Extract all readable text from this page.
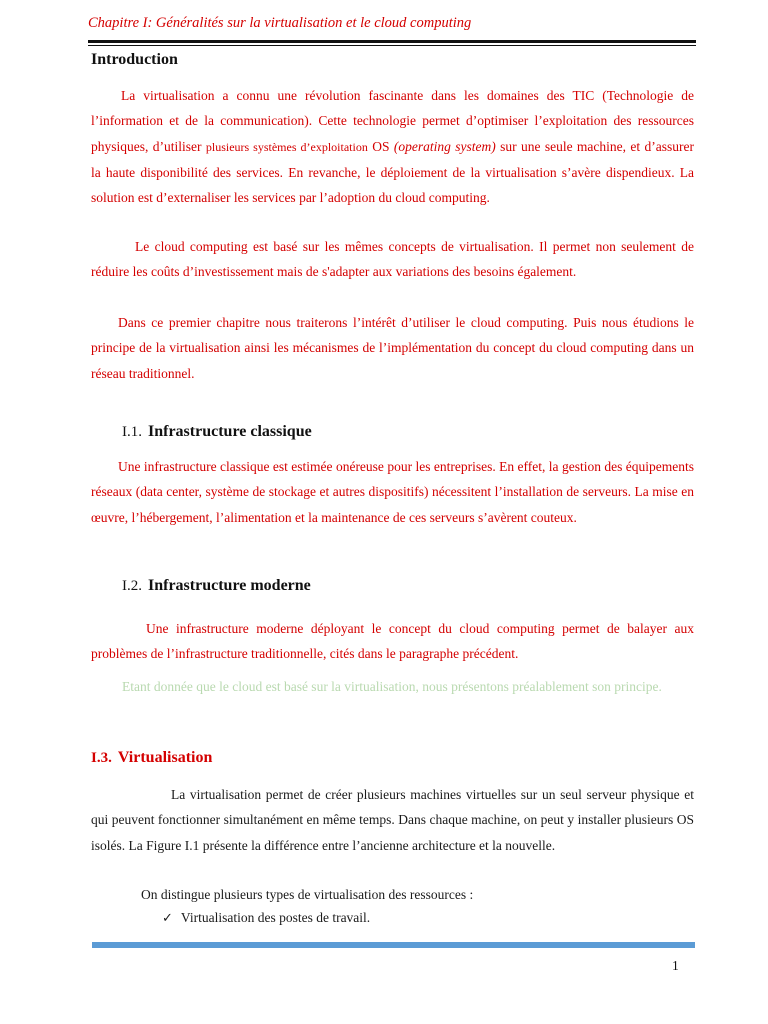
Chapitre I: Généralités sur la virtualisation et le cloud computing
Introduction
La virtualisation a connu une révolution fascinante dans les domaines des TIC (Technologie de l’information et de la communication). Cette technologie permet d’optimiser l’exploitation des ressources physiques, d’utiliser plusieurs systèmes d’exploitation OS (operating system) sur une seule machine, et d’assurer la haute disponibilité des services. En revanche, le déploiement de la virtualisation s’avère dispendieux. La solution est d’externaliser les services par l’adoption du cloud computing.
Le cloud computing est basé sur les mêmes concepts de virtualisation. Il permet non seulement de réduire les coûts d’investissement mais de s'adapter aux variations des besoins également.
Dans ce premier chapitre nous traiterons l’intérêt d’utiliser le cloud computing. Puis nous étudions le principe de la virtualisation ainsi les mécanismes de l’implémentation du concept du cloud computing dans un réseau traditionnel.
I.1. Infrastructure classique
Une infrastructure classique est estimée onéreuse pour les entreprises. En effet, la gestion des équipements réseaux (data center, système de stockage et autres dispositifs) nécessitent l’installation de serveurs. La mise en œuvre, l’hébergement, l’alimentation et la maintenance de ces serveurs s’avèrent couteux.
I.2. Infrastructure moderne
Une infrastructure moderne déployant le concept du cloud computing permet de balayer aux problèmes de l’infrastructure traditionnelle, cités dans le paragraphe précédent.
Etant donnée que le cloud est basé sur la virtualisation, nous présentons préalablement son principe.
I.3. Virtualisation
La virtualisation permet de créer plusieurs machines virtuelles sur un seul serveur physique et qui peuvent fonctionner simultanément en même temps. Dans chaque machine, on peut y installer plusieurs OS isolés. La Figure I.1 présente la différence entre l’ancienne architecture et la nouvelle.
On distingue plusieurs types de virtualisation des ressources :
✓ Virtualisation des postes de travail.
1
